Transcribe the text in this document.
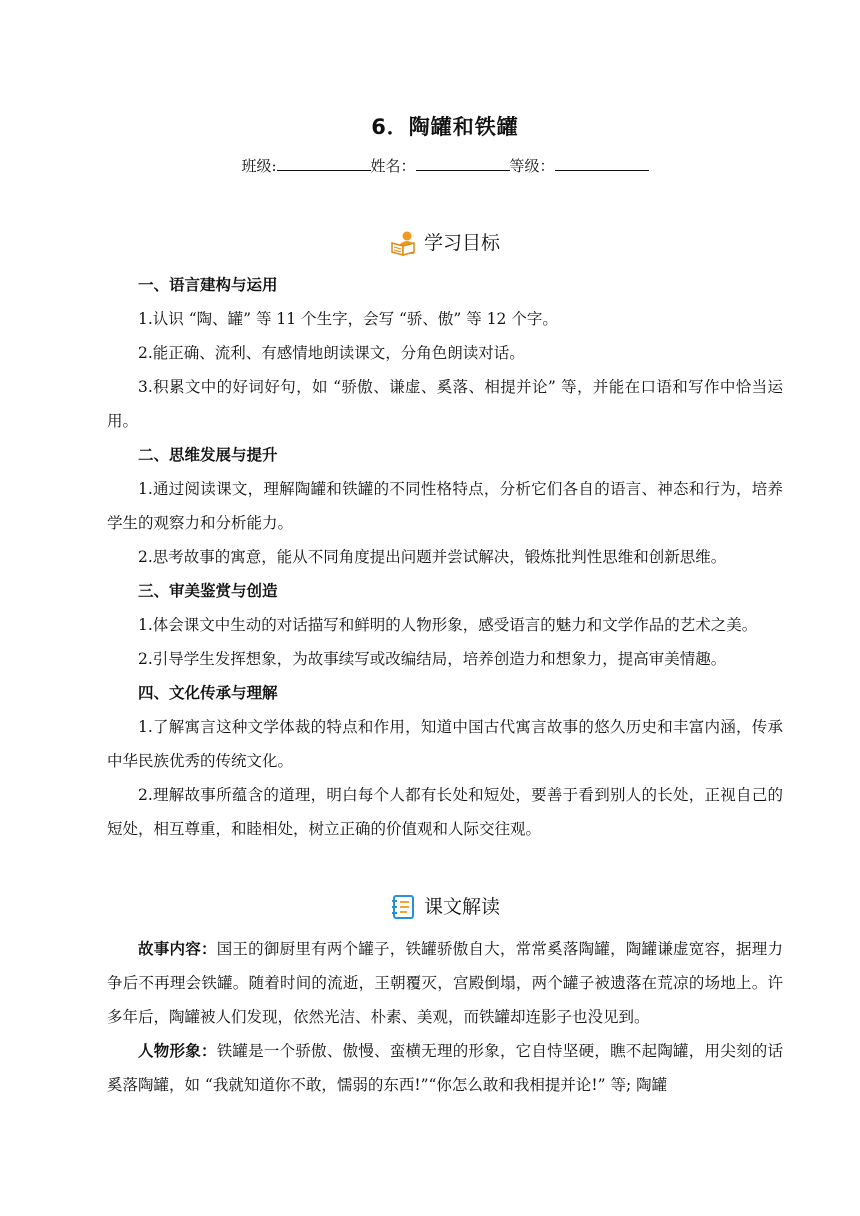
6．陶罐和铁罐
班级:	姓名：	等级：
学习目标

一、语言建构与运用

1.认识 “陶、罐” 等 11 个生字，会写 “骄、傲” 等 12 个字。

2.能正确、流利、有感情地朗读课文，分角色朗读对话。

3.积累文中的好词好句，如 “骄傲、谦虚、奚落、相提并论” 等，并能在口语和写作中恰当运用。

二、思维发展与提升

1.通过阅读课文，理解陶罐和铁罐的不同性格特点，分析它们各自的语言、神态和行为，培养学生的观察力和分析能力。

2.思考故事的寓意，能从不同角度提出问题并尝试解决，锻炼批判性思维和创新思维。

三、审美鉴赏与创造

1.体会课文中生动的对话描写和鲜明的人物形象，感受语言的魅力和文学作品的艺术之美。

2.引导学生发挥想象，为故事续写或改编结局，培养创造力和想象力，提高审美情趣。

四、文化传承与理解

1.了解寓言这种文学体裁的特点和作用，知道中国古代寓言故事的悠久历史和丰富内涵，传承中华民族优秀的传统文化。

2.理解故事所蕴含的道理，明白每个人都有长处和短处，要善于看到别人的长处，正视自己的短处，相互尊重，和睦相处，树立正确的价值观和人际交往观。

课文解读

故事内容：国王的御厨里有两个罐子，铁罐骄傲自大，常常奚落陶罐，陶罐谦虚宽容，据理力争后不再理会铁罐。随着时间的流逝，王朝覆灭，宫殿倒塌，两个罐子被遗落在荒凉的场地上。许多年后，陶罐被人们发现，依然光洁、朴素、美观，而铁罐却连影子也没见到。

人物形象：铁罐是一个骄傲、傲慢、蛮横无理的形象，它自恃坚硬，瞧不起陶罐，用尖刻的话奚落陶罐，如 “我就知道你不敢，懦弱的东西!”“你怎么敢和我相提并论!” 等; 陶罐
